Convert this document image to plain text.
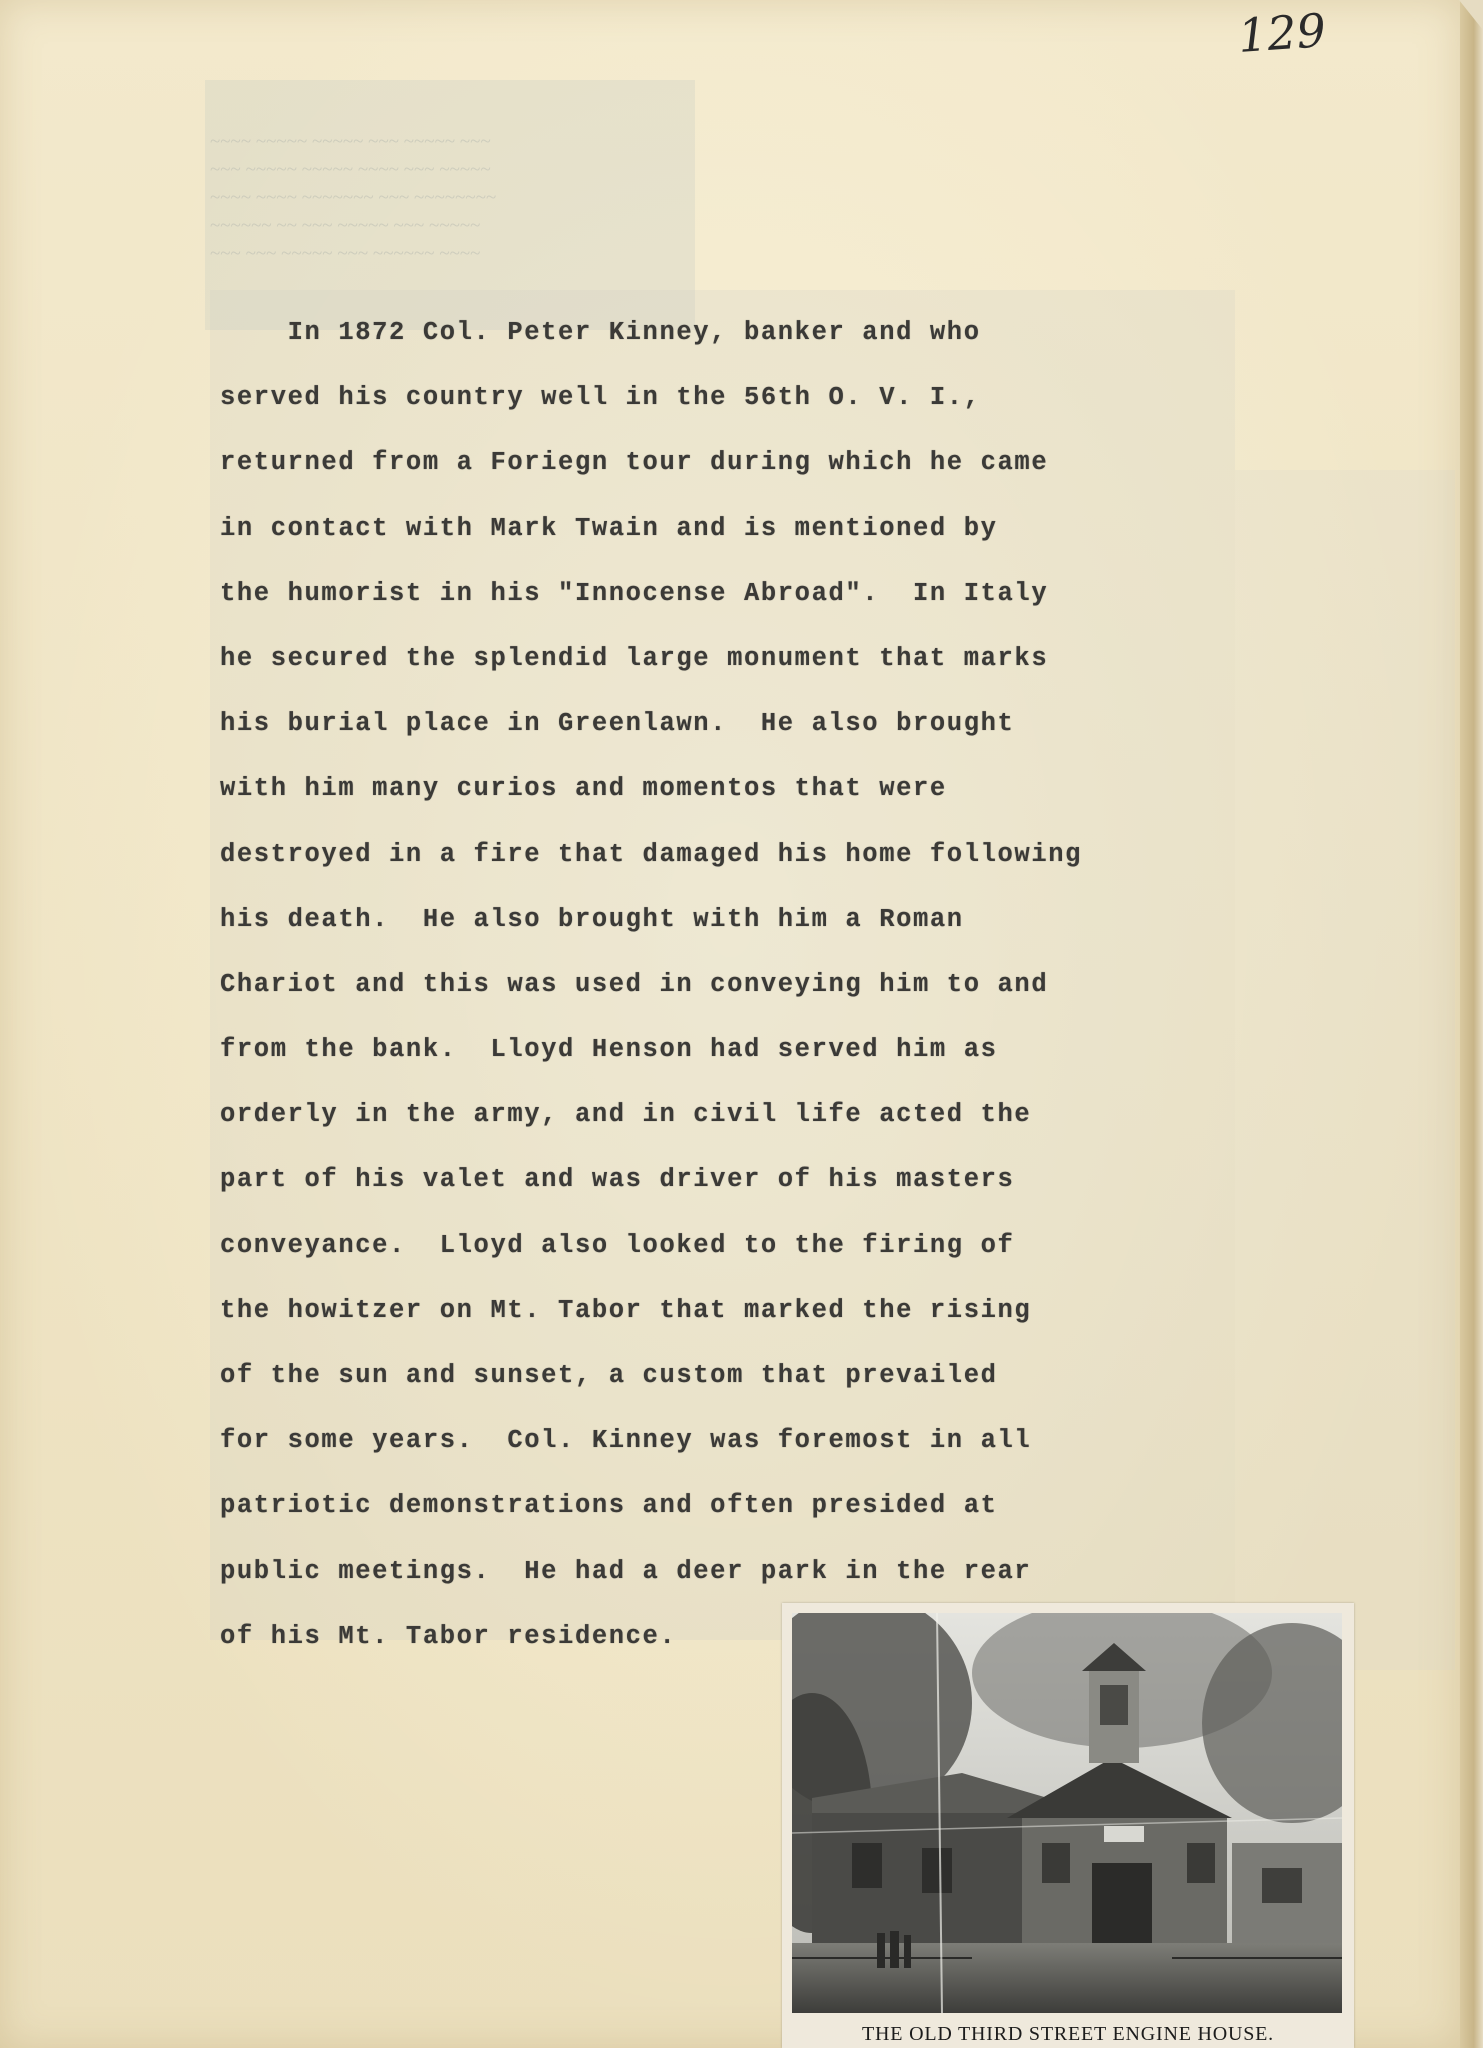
~~~~ ~~~~~ ~~~~~ ~~~ ~~~~~ ~~~
~~~ ~~~~~ ~~~~~ ~~~~ ~~~ ~~~~~
~~~~ ~~~~ ~~~~~~~ ~~~ ~~~~~~~~
~~~~~~ ~~ ~~~ ~~~~~ ~~~ ~~~~~
~~~ ~~~ ~~~~~ ~~~ ~~~~~~ ~~~~
129
In 1872 Col. Peter Kinney, banker and who
served his country well in the 56th O. V. I.,
returned from a Foriegn tour during which he came
in contact with Mark Twain and is mentioned by
the humorist in his "Innocense Abroad".  In Italy
he secured the splendid large monument that marks
his burial place in Greenlawn.  He also brought
with him many curios and momentos that were
destroyed in a fire that damaged his home following
his death.  He also brought with him a Roman
Chariot and this was used in conveying him to and
from the bank.  Lloyd Henson had served him as
orderly in the army, and in civil life acted the
part of his valet and was driver of his masters
conveyance.  Lloyd also looked to the firing of
the howitzer on Mt. Tabor that marked the rising
of the sun and sunset, a custom that prevailed
for some years.  Col. Kinney was foremost in all
patriotic demonstrations and often presided at
public meetings.  He had a deer park in the rear
of his Mt. Tabor residence.
THE OLD THIRD STREET ENGINE HOUSE.
